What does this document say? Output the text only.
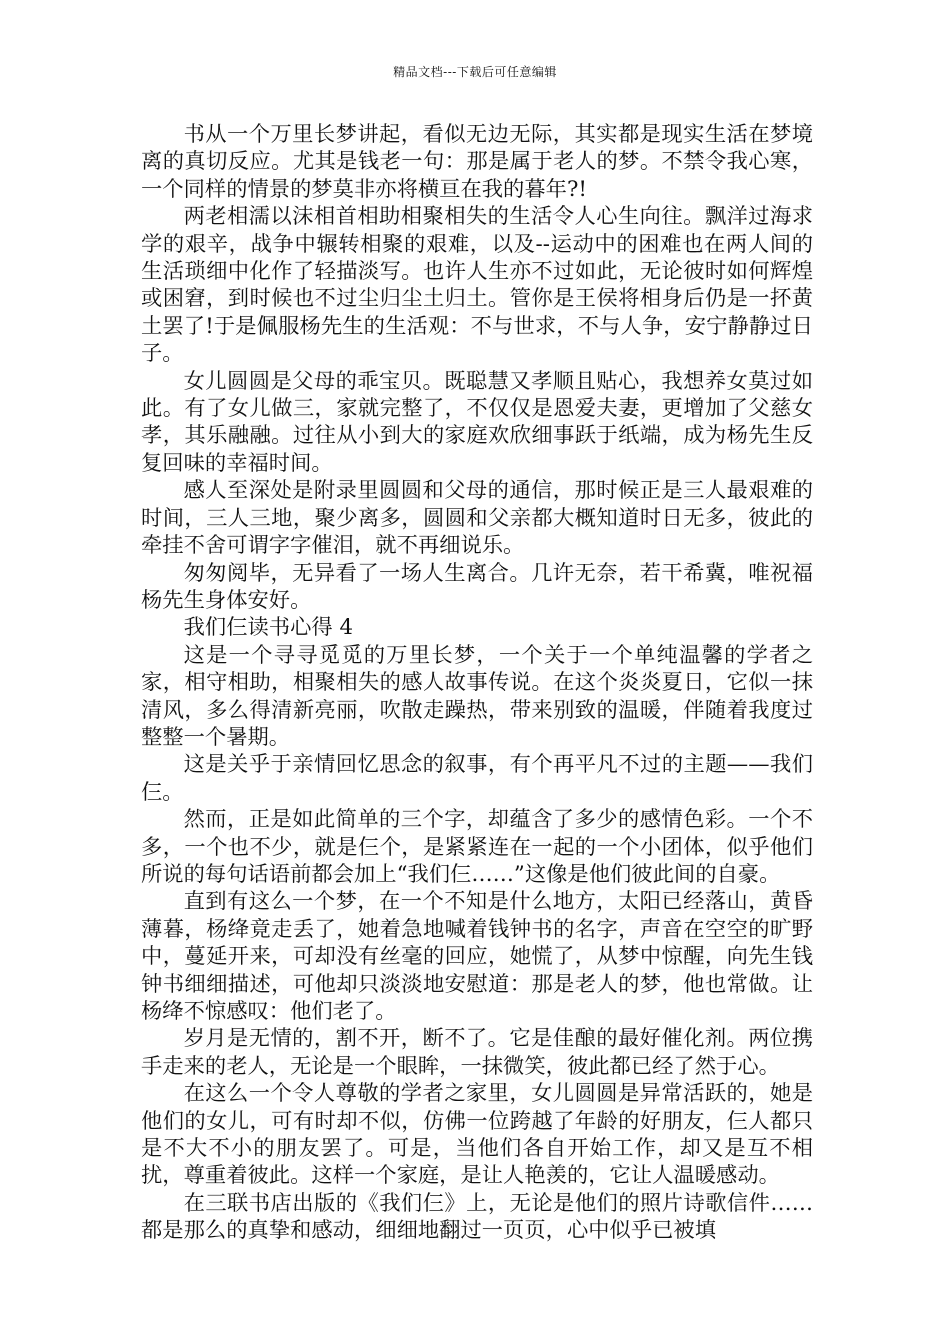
精品文档---下载后可任意编辑

书从一个万里长梦讲起，看似无边无际，其实都是现实生活在梦境离的真切反应。尤其是钱老一句：那是属于老人的梦。不禁令我心寒，一个同样的情景的梦莫非亦将横亘在我的暮年?!

两老相濡以沫相首相助相聚相失的生活令人心生向往。飘洋过海求学的艰辛，战争中辗转相聚的艰难，以及--运动中的困难也在两人间的生活琐细中化作了轻描淡写。也许人生亦不过如此，无论彼时如何辉煌或困窘，到时候也不过尘归尘土归土。管你是王侯将相身后仍是一抔黄土罢了!于是佩服杨先生的生活观：不与世求，不与人争，安宁静静过日子。

女儿圆圆是父母的乖宝贝。既聪慧又孝顺且贴心，我想养女莫过如此。有了女儿做三，家就完整了，不仅仅是恩爱夫妻，更增加了父慈女孝，其乐融融。过往从小到大的家庭欢欣细事跃于纸端，成为杨先生反复回味的幸福时间。

感人至深处是附录里圆圆和父母的通信，那时候正是三人最艰难的时间，三人三地，聚少离多，圆圆和父亲都大概知道时日无多，彼此的牵挂不舍可谓字字催泪，就不再细说乐。

匆匆阅毕，无异看了一场人生离合。几许无奈，若干希冀，唯祝福杨先生身体安好。

我们仨读书心得 4

这是一个寻寻觅觅的万里长梦，一个关于一个单纯温馨的学者之家，相守相助，相聚相失的感人故事传说。在这个炎炎夏日，它似一抹清风，多么得清新亮丽，吹散走躁热，带来别致的温暖，伴随着我度过整整一个暑期。

这是关乎于亲情回忆思念的叙事，有个再平凡不过的主题——我们仨。

然而，正是如此简单的三个字，却蕴含了多少的感情色彩。一个不多，一个也不少，就是仨个，是紧紧连在一起的一个小团体，似乎他们所说的每句话语前都会加上“我们仨……”这像是他们彼此间的自豪。

直到有这么一个梦，在一个不知是什么地方，太阳已经落山，黄昏薄暮，杨绛竟走丢了，她着急地喊着钱钟书的名字，声音在空空的旷野中，蔓延开来，可却没有丝毫的回应，她慌了，从梦中惊醒，向先生钱钟书细细描述，可他却只淡淡地安慰道：那是老人的梦，他也常做。让杨绛不惊感叹：他们老了。

岁月是无情的，割不开，断不了。它是佳酿的最好催化剂。两位携手走来的老人，无论是一个眼眸，一抹微笑，彼此都已经了然于心。

在这么一个令人尊敬的学者之家里，女儿圆圆是异常活跃的，她是他们的女儿，可有时却不似，仿佛一位跨越了年龄的好朋友，仨人都只是不大不小的朋友罢了。可是，当他们各自开始工作，却又是互不相扰，尊重着彼此。这样一个家庭，是让人艳羡的，它让人温暖感动。

在三联书店出版的《我们仨》上，无论是他们的照片诗歌信件……都是那么的真挚和感动，细细地翻过一页页，心中似乎已被填
